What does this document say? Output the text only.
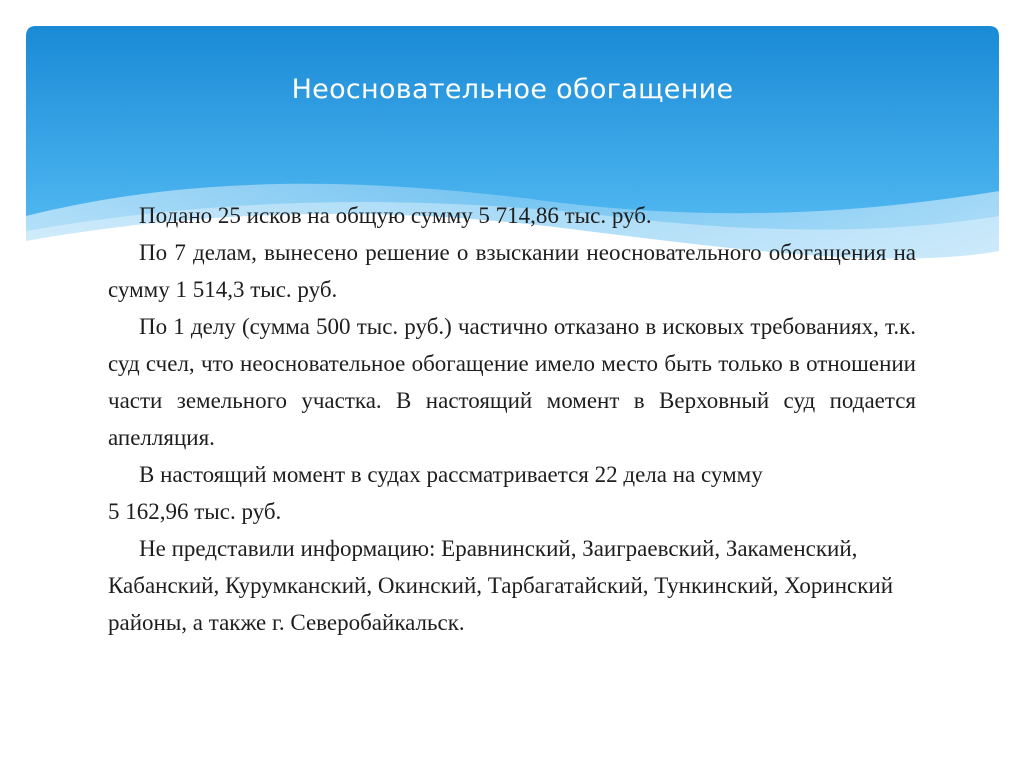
Неосновательное обогащение

Подано 25 исков на общую сумму 5 714,86 тыс. руб.

По 7 делам, вынесено решение о взыскании неосновательного обогащения на сумму 1 514,3 тыс. руб.

По 1 делу (сумма 500 тыс. руб.) частично отказано в исковых требованиях, т.к. суд счел, что неосновательное обогащение имело место быть только в отношении части земельного участка. В настоящий момент в Верховный суд подается апелляция.

В настоящий момент в судах рассматривается 22 дела на сумму

5 162,96 тыс. руб.

Не представили информацию: Еравнинский, Заиграевский, Закаменский, Кабанский, Курумканский, Окинский, Тарбагатайский, Тункинский, Хоринский районы, а также г. Северобайкальск.
